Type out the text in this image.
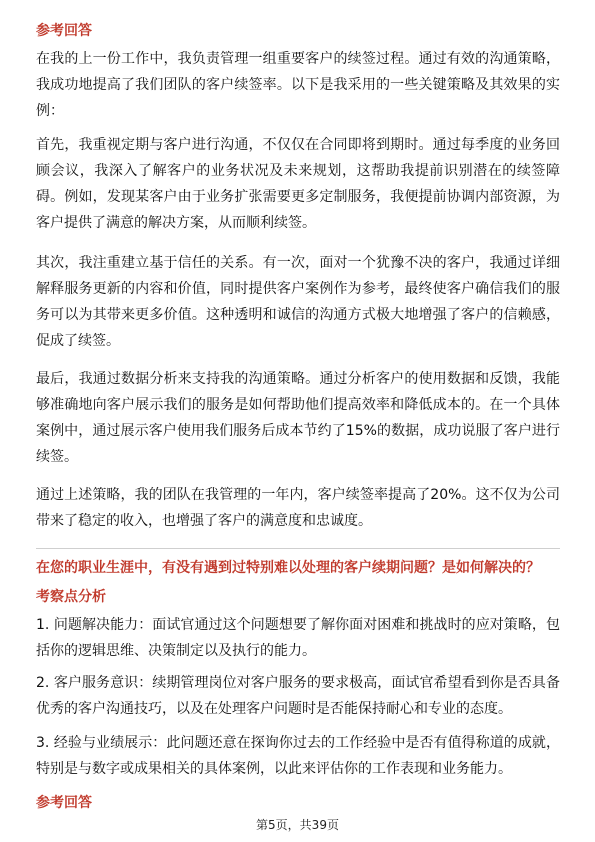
参考回答

在我的上一份工作中，我负责管理一组重要客户的续签过程。通过有效的沟通策略，我成功地提高了我们团队的客户续签率。以下是我采用的一些关键策略及其效果的实例：

首先，我重视定期与客户进行沟通，不仅仅在合同即将到期时。通过每季度的业务回顾会议，我深入了解客户的业务状况及未来规划，这帮助我提前识别潜在的续签障碍。例如，发现某客户由于业务扩张需要更多定制服务，我便提前协调内部资源，为客户提供了满意的解决方案，从而顺利续签。

其次，我注重建立基于信任的关系。有一次，面对一个犹豫不决的客户，我通过详细解释服务更新的内容和价值，同时提供客户案例作为参考，最终使客户确信我们的服务可以为其带来更多价值。这种透明和诚信的沟通方式极大地增强了客户的信赖感，促成了续签。

最后，我通过数据分析来支持我的沟通策略。通过分析客户的使用数据和反馈，我能够准确地向客户展示我们的服务是如何帮助他们提高效率和降低成本的。在一个具体案例中，通过展示客户使用我们服务后成本节约了15%的数据，成功说服了客户进行续签。

通过上述策略，我的团队在我管理的一年内，客户续签率提高了20%。这不仅为公司带来了稳定的收入，也增强了客户的满意度和忠诚度。

在您的职业生涯中，有没有遇到过特别难以处理的客户续期问题？是如何解决的？
考察点分析

1. 问题解决能力：面试官通过这个问题想要了解你面对困难和挑战时的应对策略，包括你的逻辑思维、决策制定以及执行的能力。

2. 客户服务意识：续期管理岗位对客户服务的要求极高，面试官希望看到你是否具备优秀的客户沟通技巧，以及在处理客户问题时是否能保持耐心和专业的态度。

3. 经验与业绩展示：此问题还意在探询你过去的工作经验中是否有值得称道的成就，特别是与数字或成果相关的具体案例，以此来评估你的工作表现和业务能力。

参考回答
第5页，共39页
